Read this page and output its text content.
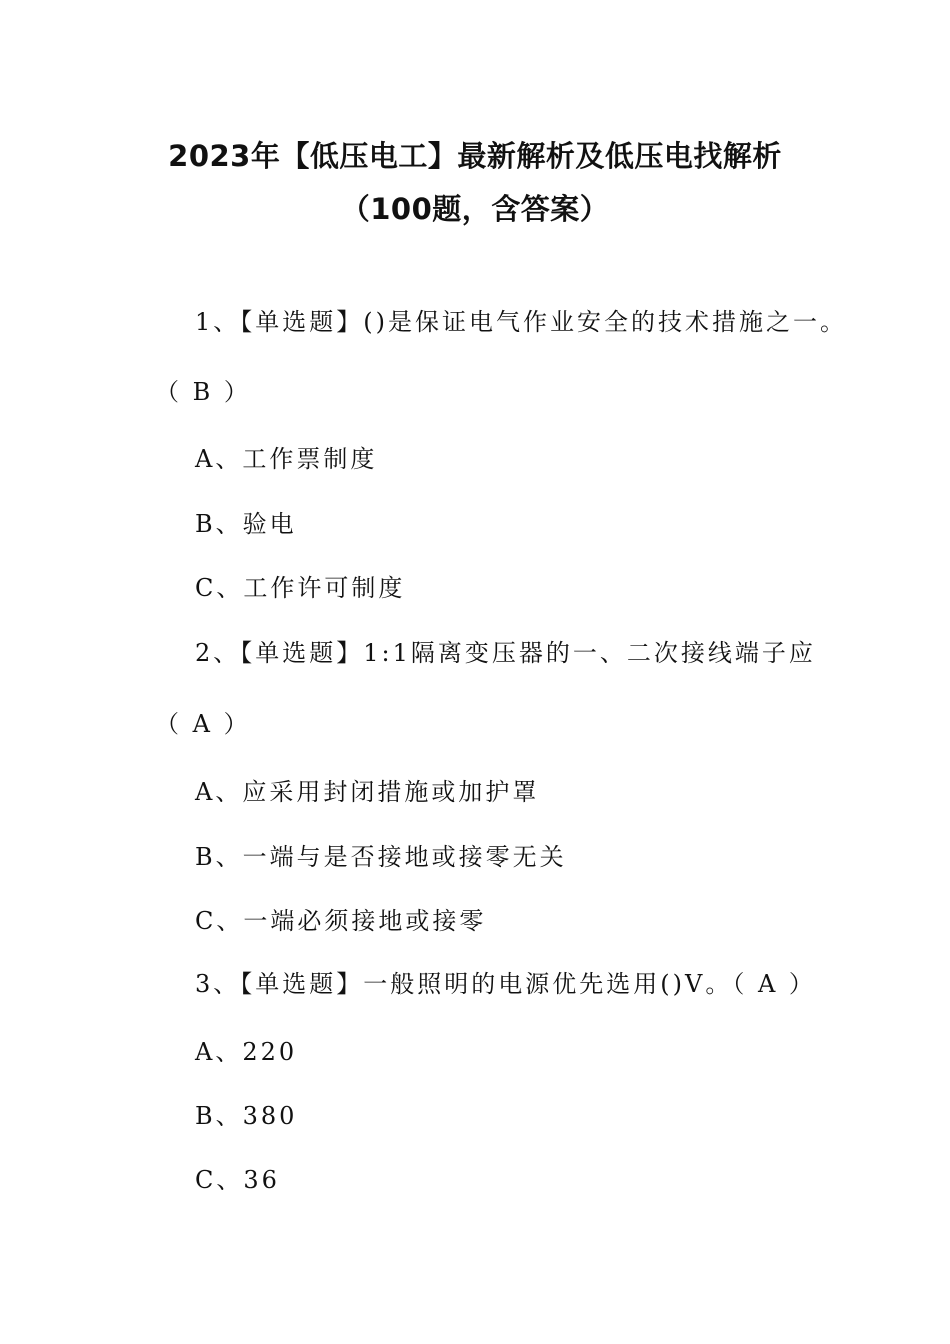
2023年【低压电工】最新解析及低压电找解析
（100题，含答案）
1、【单选题】()是保证电气作业安全的技术措施之一。
（ B ）
A、工作票制度
B、验电
C、工作许可制度
2、【单选题】1:1隔离变压器的一、二次接线端子应
（ A ）
A、应采用封闭措施或加护罩
B、一端与是否接地或接零无关
C、一端必须接地或接零
3、【单选题】一般照明的电源优先选用()V。（ A ）
A、220
B、380
C、36
